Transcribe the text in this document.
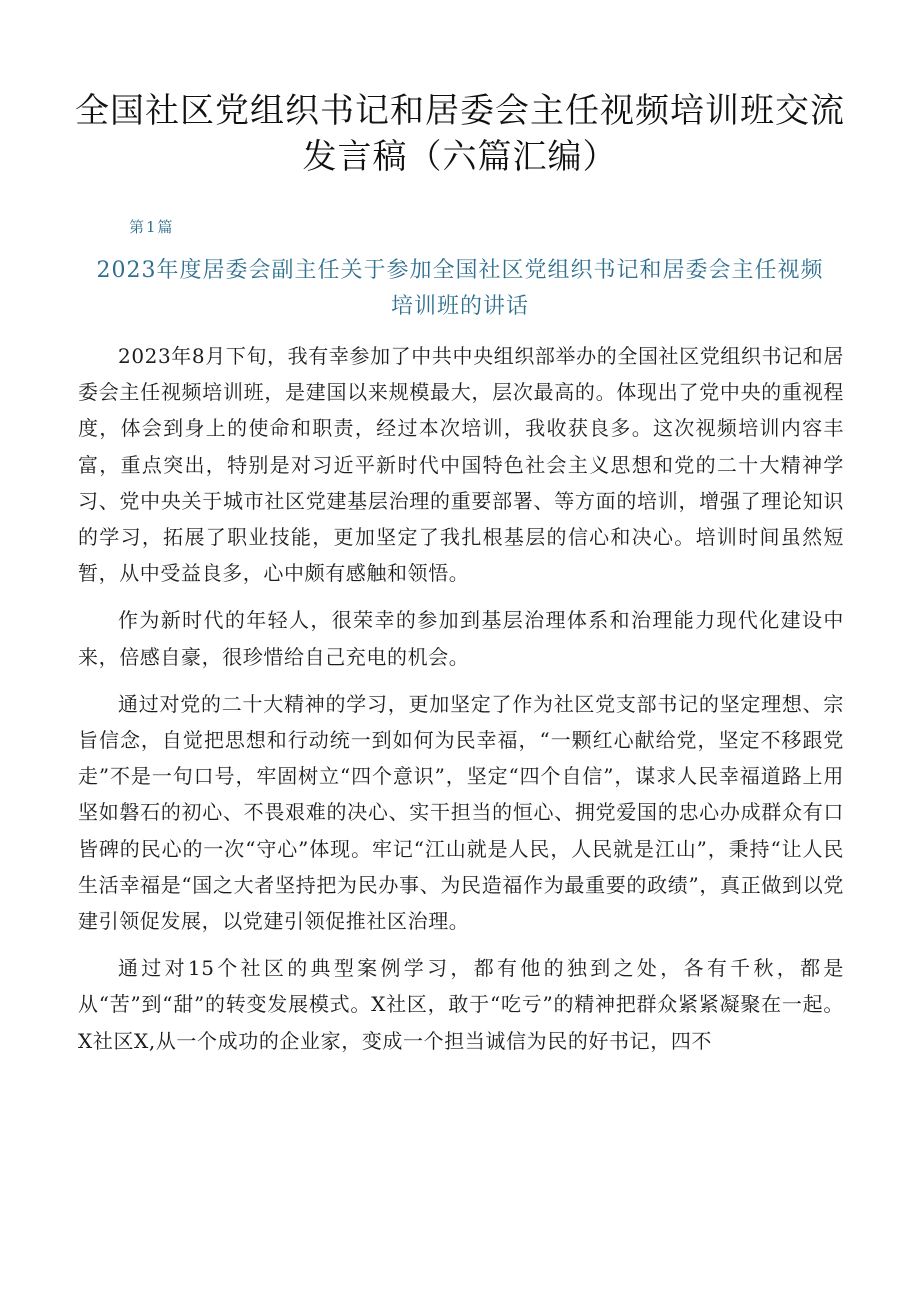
全国社区党组织书记和居委会主任视频培训班交流发言稿（六篇汇编）
第1篇
2023年度居委会副主任关于参加全国社区党组织书记和居委会主任视频培训班的讲话

2023年8月下旬，我有幸参加了中共中央组织部举办的全国社区党组织书记和居委会主任视频培训班，是建国以来规模最大，层次最高的。体现出了党中央的重视程度，体会到身上的使命和职责，经过本次培训，我收获良多。这次视频培训内容丰富，重点突出，特别是对习近平新时代中国特色社会主义思想和党的二十大精神学习、党中央关于城市社区党建基层治理的重要部署、等方面的培训，增强了理论知识的学习，拓展了职业技能，更加坚定了我扎根基层的信心和决心。培训时间虽然短暂，从中受益良多，心中颇有感触和领悟。

作为新时代的年轻人，很荣幸的参加到基层治理体系和治理能力现代化建设中来，倍感自豪，很珍惜给自己充电的机会。

通过对党的二十大精神的学习，更加坚定了作为社区党支部书记的坚定理想、宗旨信念，自觉把思想和行动统一到如何为民幸福，“一颗红心献给党，坚定不移跟党走”不是一句口号，牢固树立“四个意识”，坚定“四个自信”，谋求人民幸福道路上用坚如磐石的初心、不畏艰难的决心、实干担当的恒心、拥党爱国的忠心办成群众有口皆碑的民心的一次“守心”体现。牢记“江山就是人民，人民就是江山”，秉持“让人民生活幸福是“国之大者坚持把为民办事、为民造福作为最重要的政绩”，真正做到以党建引领促发展，以党建引领促推社区治理。

通过对15个社区的典型案例学习，都有他的独到之处，各有千秋，都是从“苦”到“甜”的转变发展模式。X社区，敢于“吃亏”的精神把群众紧紧凝聚在一起。X社区X,从一个成功的企业家，变成一个担当诚信为民的好书记，四不
